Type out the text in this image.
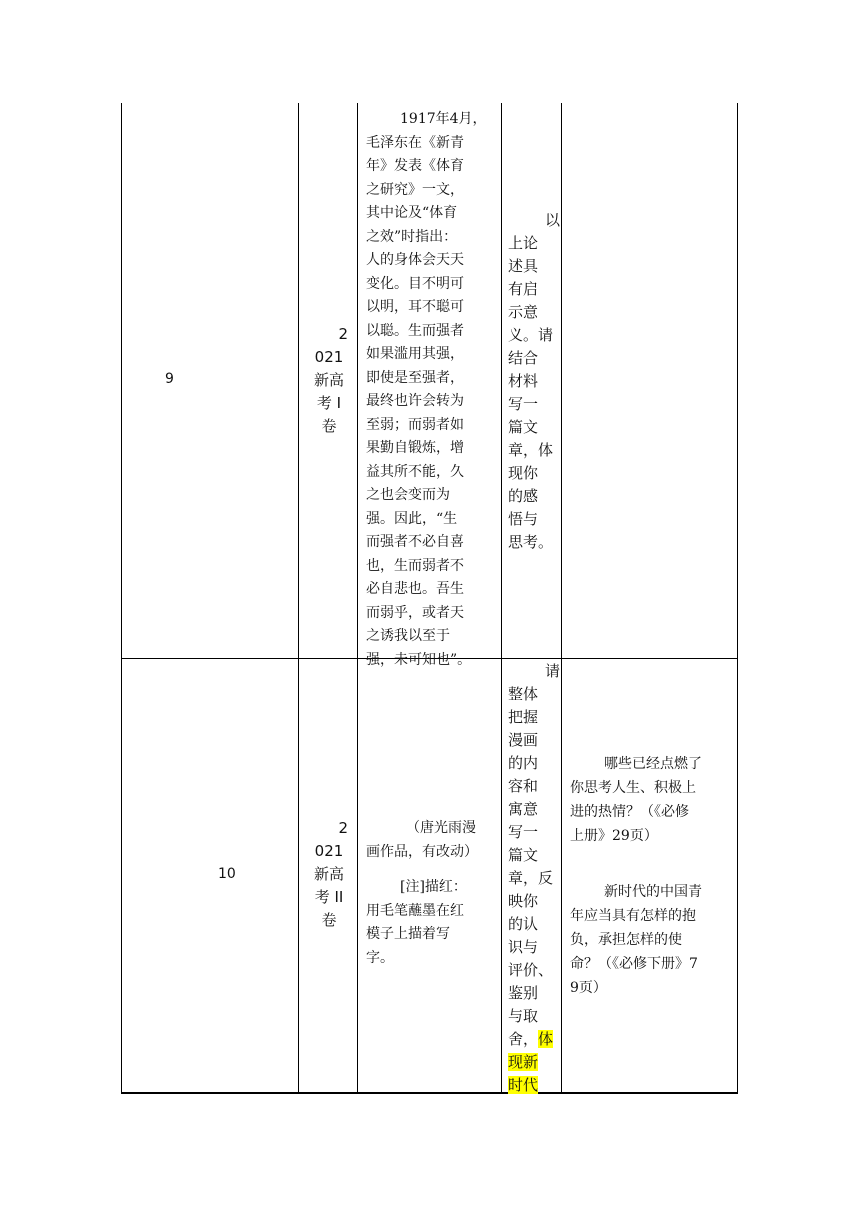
9
2
021
新高
考 I
卷

1917年4月，

毛泽东在《新青

年》发表《体育

之研究》一文，

其中论及“体育

之效”时指出：

人的身体会天天

变化。目不明可

以明，耳不聪可

以聪。生而强者

如果滥用其强，

即使是至强者，

最终也许会转为

至弱；而弱者如

果勤自锻炼，增

益其所不能，久

之也会变而为

强。因此，“生

而强者不必自喜

也，生而弱者不

必自悲也。吾生

而弱乎，或者天

之诱我以至于

强，未可知也”。

以
上论
述具
有启
示意
义。请
结合
材料
写一
篇文
章，体
现你
的感
悟与
思考。
10
2
021
新高
考 II
卷

（唐光雨漫

画作品，有改动）

[注]描红：

用毛笔蘸墨在红

模子上描着写

字。

请
整体
把握
漫画
的内
容和
寓意
写一
篇文
章，反
映你
的认
识与
评价、
鉴别
与取
舍，体
现新
时代

哪些已经点燃了

你思考人生、积极上

进的热情？（《必修

上册》29页）

新时代的中国青

年应当具有怎样的抱

负，承担怎样的使

命？（《必修下册》7

9页）
